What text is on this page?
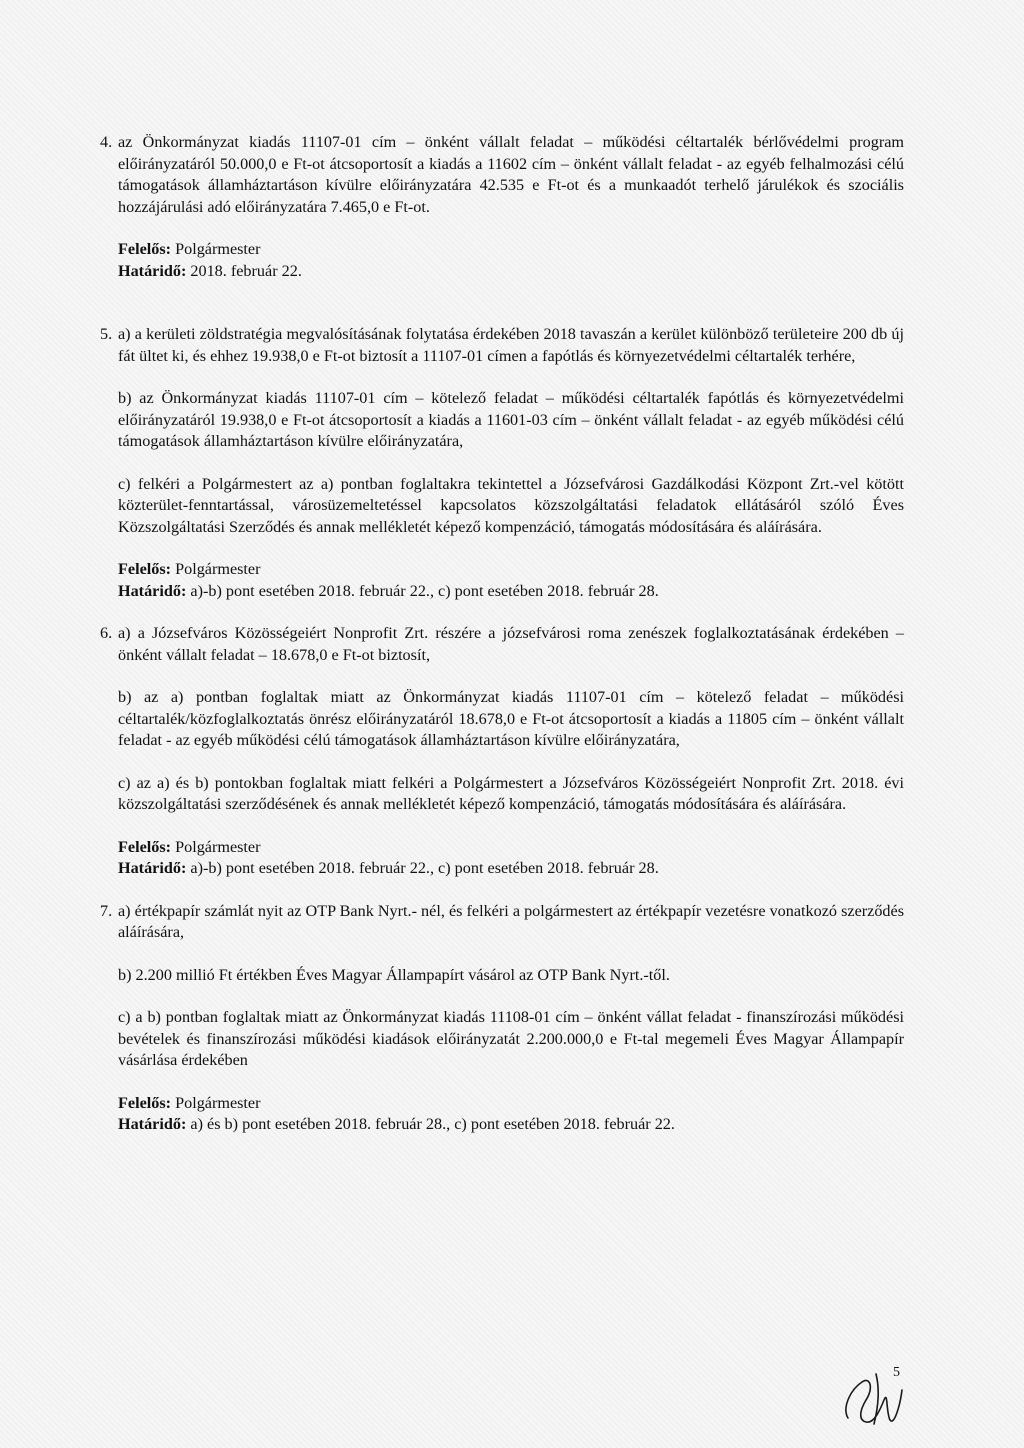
4. az Önkormányzat kiadás 11107-01 cím – önként vállalt feladat – működési céltartalék bérlővédelmi program előirányzatáról 50.000,0 e Ft-ot átcsoportosít a kiadás a 11602 cím – önként vállalt feladat - az egyéb felhalmozási célú támogatások államháztartáson kívülre előirányzatára 42.535 e Ft-ot és a munkaadót terhelő járulékok és szociális hozzájárulási adó előirányzatára 7.465,0 e Ft-ot.

Felelős: Polgármester

Határidő: 2018. február 22.

5. a) a kerületi zöldstratégia megvalósításának folytatása érdekében 2018 tavaszán a kerület különböző területeire 200 db új fát ültet ki, és ehhez 19.938,0 e Ft-ot biztosít a 11107-01 címen a fapótlás és környezetvédelmi céltartalék terhére,

b) az Önkormányzat kiadás 11107-01 cím – kötelező feladat – működési céltartalék fapótlás és környezetvédelmi előirányzatáról 19.938,0 e Ft-ot átcsoportosít a kiadás a 11601-03 cím – önként vállalt feladat - az egyéb működési célú támogatások államháztartáson kívülre előirányzatára,

c) felkéri a Polgármestert az a) pontban foglaltakra tekintettel a Józsefvárosi Gazdálkodási Központ Zrt.-vel kötött közterület-fenntartással, városüzemeltetéssel kapcsolatos közszolgáltatási feladatok ellátásáról szóló Éves Közszolgáltatási Szerződés és annak mellékletét képező kompenzáció, támogatás módosítására és aláírására.

Felelős: Polgármester

Határidő: a)-b) pont esetében 2018. február 22., c) pont esetében 2018. február 28.

6. a) a Józsefváros Közösségeiért Nonprofit Zrt. részére a józsefvárosi roma zenészek foglalkoztatásának érdekében – önként vállalt feladat – 18.678,0 e Ft-ot biztosít,

b) az a) pontban foglaltak miatt az Önkormányzat kiadás 11107-01 cím – kötelező feladat – működési céltartalék/közfoglalkoztatás önrész előirányzatáról 18.678,0 e Ft-ot átcsoportosít a kiadás a 11805 cím – önként vállalt feladat - az egyéb működési célú támogatások államháztartáson kívülre előirányzatára,

c) az a) és b) pontokban foglaltak miatt felkéri a Polgármestert a Józsefváros Közösségeiért Nonprofit Zrt. 2018. évi közszolgáltatási szerződésének és annak mellékletét képező kompenzáció, támogatás módosítására és aláírására.

Felelős: Polgármester

Határidő: a)-b) pont esetében 2018. február 22., c) pont esetében 2018. február 28.

7. a) értékpapír számlát nyit az OTP Bank Nyrt.- nél, és felkéri a polgármestert az értékpapír vezetésre vonatkozó szerződés aláírására,

b) 2.200 millió Ft értékben Éves Magyar Állampapírt vásárol az OTP Bank Nyrt.-től.

c) a b) pontban foglaltak miatt az Önkormányzat kiadás 11108-01 cím – önként vállat feladat - finanszírozási működési bevételek és finanszírozási működési kiadások előirányzatát 2.200.000,0 e Ft-tal megemeli Éves Magyar Állampapír vásárlása érdekében

Felelős: Polgármester

Határidő: a) és b) pont esetében 2018. február 28., c) pont esetében 2018. február 22.

5
